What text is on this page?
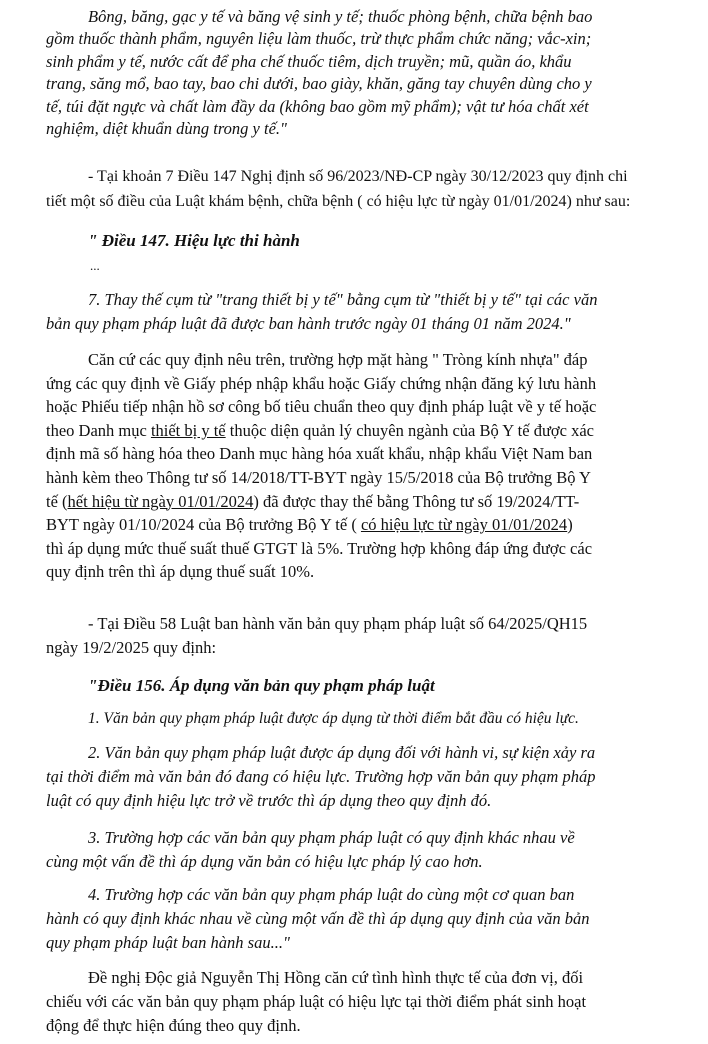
Bông, băng, gạc y tế và băng vệ sinh y tế; thuốc phòng bệnh, chữa bệnh bao
gồm thuốc thành phẩm, nguyên liệu làm thuốc, trừ thực phẩm chức năng; vắc-xin;
sinh phẩm y tế, nước cất để pha chế thuốc tiêm, dịch truyền; mũ, quần áo, khẩu
trang, săng mổ, bao tay, bao chi dưới, bao giày, khăn, găng tay chuyên dùng cho y
tế, túi đặt ngực và chất làm đầy da (không bao gồm mỹ phẩm); vật tư hóa chất xét
nghiệm, diệt khuẩn dùng trong y tế."
- Tại khoản 7 Điều 147 Nghị định số 96/2023/NĐ-CP ngày 30/12/2023 quy định chi
tiết một số điều của Luật khám bệnh, chữa bệnh ( có hiệu lực từ ngày 01/01/2024) như sau:
" Điều 147. Hiệu lực thi hành
...
7. Thay thế cụm từ "trang thiết bị y tế" bằng cụm từ "thiết bị y tế" tại các văn
bản quy phạm pháp luật đã được ban hành trước ngày 01 tháng 01 năm 2024."
Căn cứ các quy định nêu trên, trường hợp mặt hàng " Tròng kính nhựa" đáp
ứng các quy định về Giấy phép nhập khẩu hoặc Giấy chứng nhận đăng ký lưu hành
hoặc Phiếu tiếp nhận hồ sơ công bố tiêu chuẩn theo quy định pháp luật về y tế hoặc
theo Danh mục thiết bị y tế thuộc diện quản lý chuyên ngành của Bộ Y tế được xác
định mã số hàng hóa theo Danh mục hàng hóa xuất khẩu, nhập khẩu Việt Nam ban
hành kèm theo Thông tư số 14/2018/TT-BYT ngày 15/5/2018 của Bộ trưởng Bộ Y
tế (hết hiệu từ ngày 01/01/2024) đã được thay thế bằng Thông tư số 19/2024/TT-
BYT ngày 01/10/2024 của Bộ trưởng Bộ Y tế ( có hiệu lực từ ngày 01/01/2024)
thì áp dụng mức thuế suất thuế GTGT là 5%. Trường hợp không đáp ứng được các
quy định trên thì áp dụng thuế suất 10%.
- Tại Điều 58 Luật ban hành văn bản quy phạm pháp luật số 64/2025/QH15
ngày 19/2/2025 quy định:
"Điều 156. Áp dụng văn bản quy phạm pháp luật
1. Văn bản quy phạm pháp luật được áp dụng từ thời điểm bắt đầu có hiệu lực.
2. Văn bản quy phạm pháp luật được áp dụng đối với hành vi, sự kiện xảy ra
tại thời điểm mà văn bản đó đang có hiệu lực. Trường hợp văn bản quy phạm pháp
luật có quy định hiệu lực trở về trước thì áp dụng theo quy định đó.
3. Trường hợp các văn bản quy phạm pháp luật có quy định khác nhau về
cùng một vấn đề thì áp dụng văn bản có hiệu lực pháp lý cao hơn.
4. Trường hợp các văn bản quy phạm pháp luật do cùng một cơ quan ban
hành có quy định khác nhau về cùng một vấn đề thì áp dụng quy định của văn bản
quy phạm pháp luật ban hành sau..."
Đề nghị Độc giả Nguyễn Thị Hồng căn cứ tình hình thực tế của đơn vị, đối
chiếu với các văn bản quy phạm pháp luật có hiệu lực tại thời điểm phát sinh hoạt
động để thực hiện đúng theo quy định.
